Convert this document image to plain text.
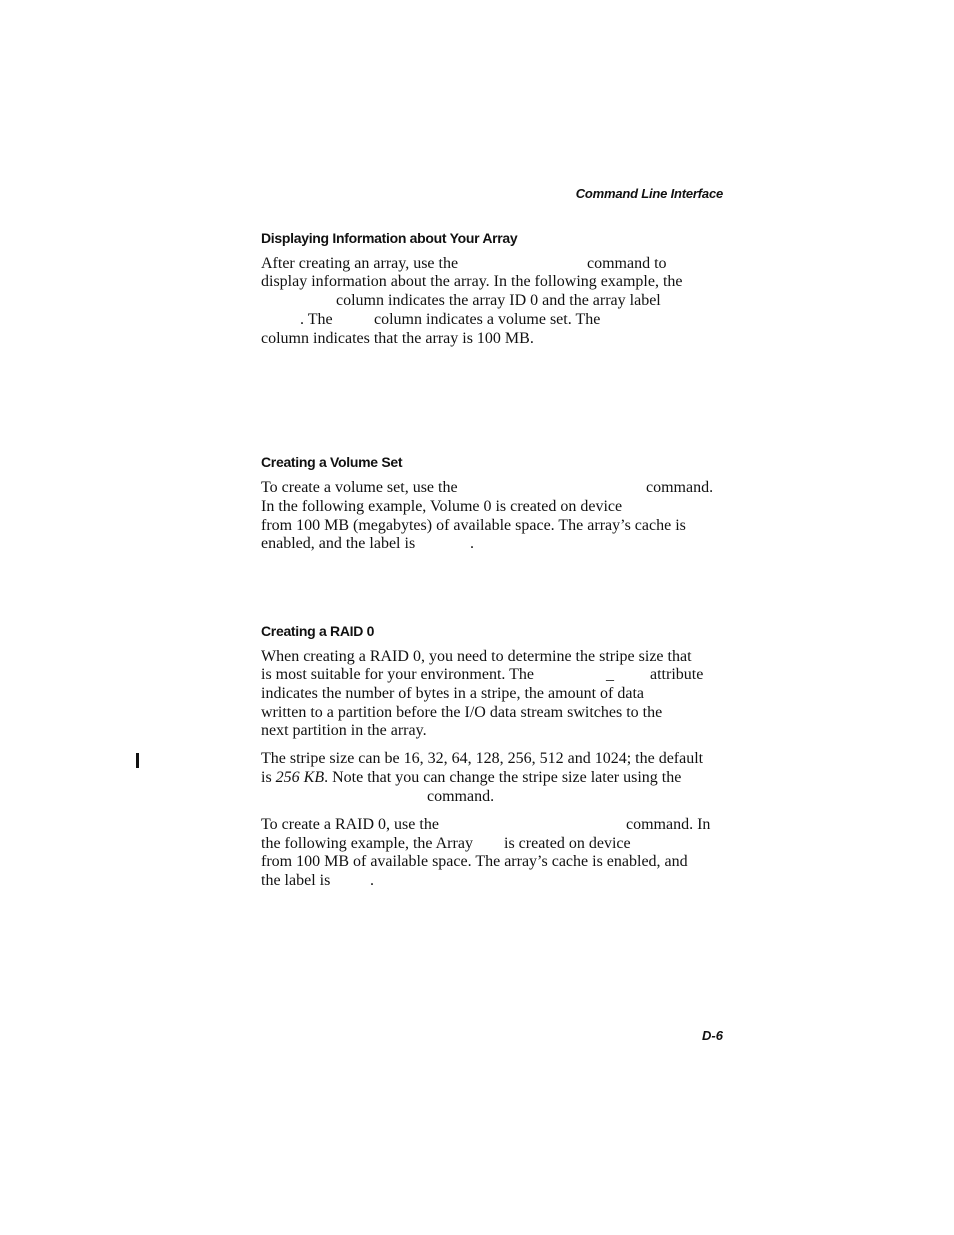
Command Line Interface
Displaying Information about Your Array
After creating an array, use the	command to
display information about the array. In the following example, the
column indicates the array ID 0 and the array label
. The	column indicates a volume set. The
column indicates that the array is 100 MB.
Creating a Volume Set
To create a volume set, use the	command.
In the following example, Volume 0 is created on device
from 100 MB (megabytes) of available space. The array’s cache is
enabled, and the label is	.
Creating a RAID 0
When creating a RAID 0, you need to determine the stripe size that
is most suitable for your environment. The	_ attribute
indicates the number of bytes in a stripe, the amount of data
written to a partition before the I/O data stream switches to the
next partition in the array.
The stripe size can be 16, 32, 64, 128, 256, 512 and 1024; the default
is 256 KB. Note that you can change the stripe size later using the
command.
To create a RAID 0, use the	command. In
the following example, the Array is created on device
from 100 MB of available space. The array’s cache is enabled, and
the label is .
D-6
